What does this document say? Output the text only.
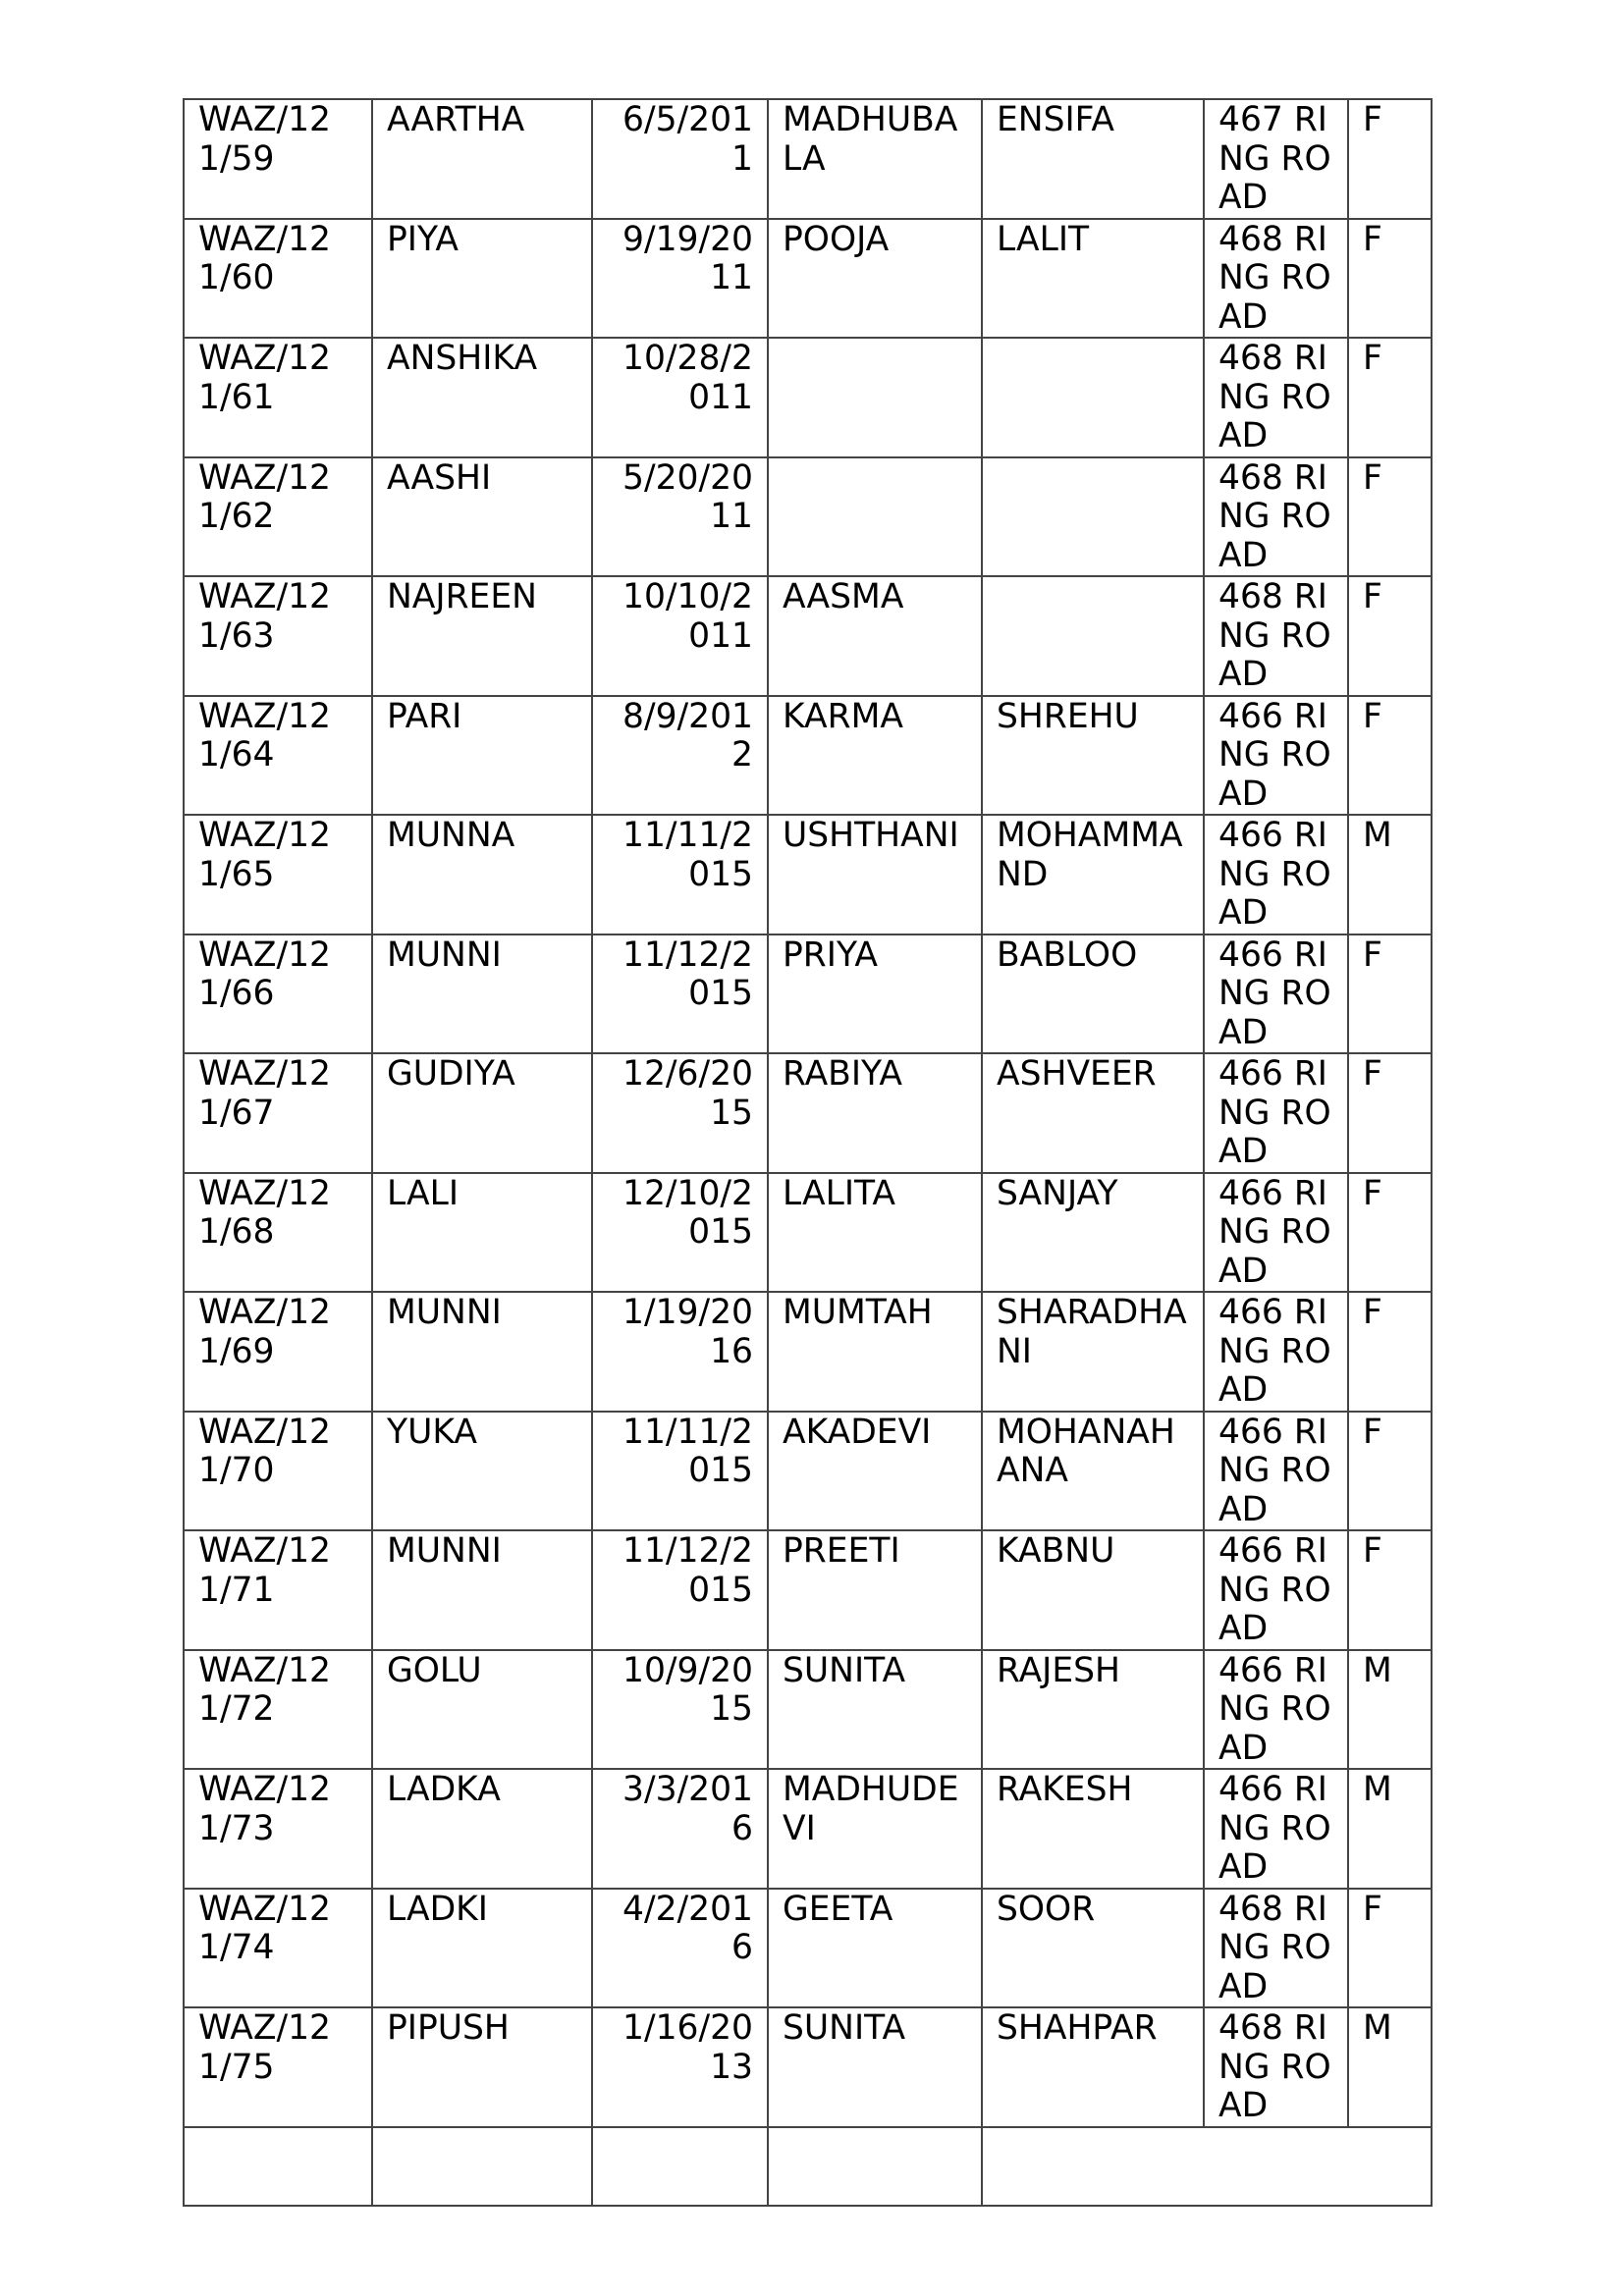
WAZ/121/59	AARTHA	6/5/2011	MADHUBALA	ENSIFA	467 RING ROAD	F
WAZ/121/60	PIYA	9/19/2011	POOJA	LALIT	468 RING ROAD	F
WAZ/121/61	ANSHIKA	10/28/2011			468 RING ROAD	F
WAZ/121/62	AASHI	5/20/2011			468 RING ROAD	F
WAZ/121/63	NAJREEN	10/10/2011	AASMA		468 RING ROAD	F
WAZ/121/64	PARI	8/9/2012	KARMA	SHREHU	466 RING ROAD	F
WAZ/121/65	MUNNA	11/11/2015	USHTHANI	MOHAMMAND	466 RING ROAD	M
WAZ/121/66	MUNNI	11/12/2015	PRIYA	BABLOO	466 RING ROAD	F
WAZ/121/67	GUDIYA	12/6/2015	RABIYA	ASHVEER	466 RING ROAD	F
WAZ/121/68	LALI	12/10/2015	LALITA	SANJAY	466 RING ROAD	F
WAZ/121/69	MUNNI	1/19/2016	MUMTAH	SHARADHANI	466 RING ROAD	F
WAZ/121/70	YUKA	11/11/2015	AKADEVI	MOHANAHANA	466 RING ROAD	F
WAZ/121/71	MUNNI	11/12/2015	PREETI	KABNU	466 RING ROAD	F
WAZ/121/72	GOLU	10/9/2015	SUNITA	RAJESH	466 RING ROAD	M
WAZ/121/73	LADKA	3/3/2016	MADHUDEVI	RAKESH	466 RING ROAD	M
WAZ/121/74	LADKI	4/2/2016	GEETA	SOOR	468 RING ROAD	F
WAZ/121/75	PIPUSH	1/16/2013	SUNITA	SHAHPAR	468 RING ROAD	M
